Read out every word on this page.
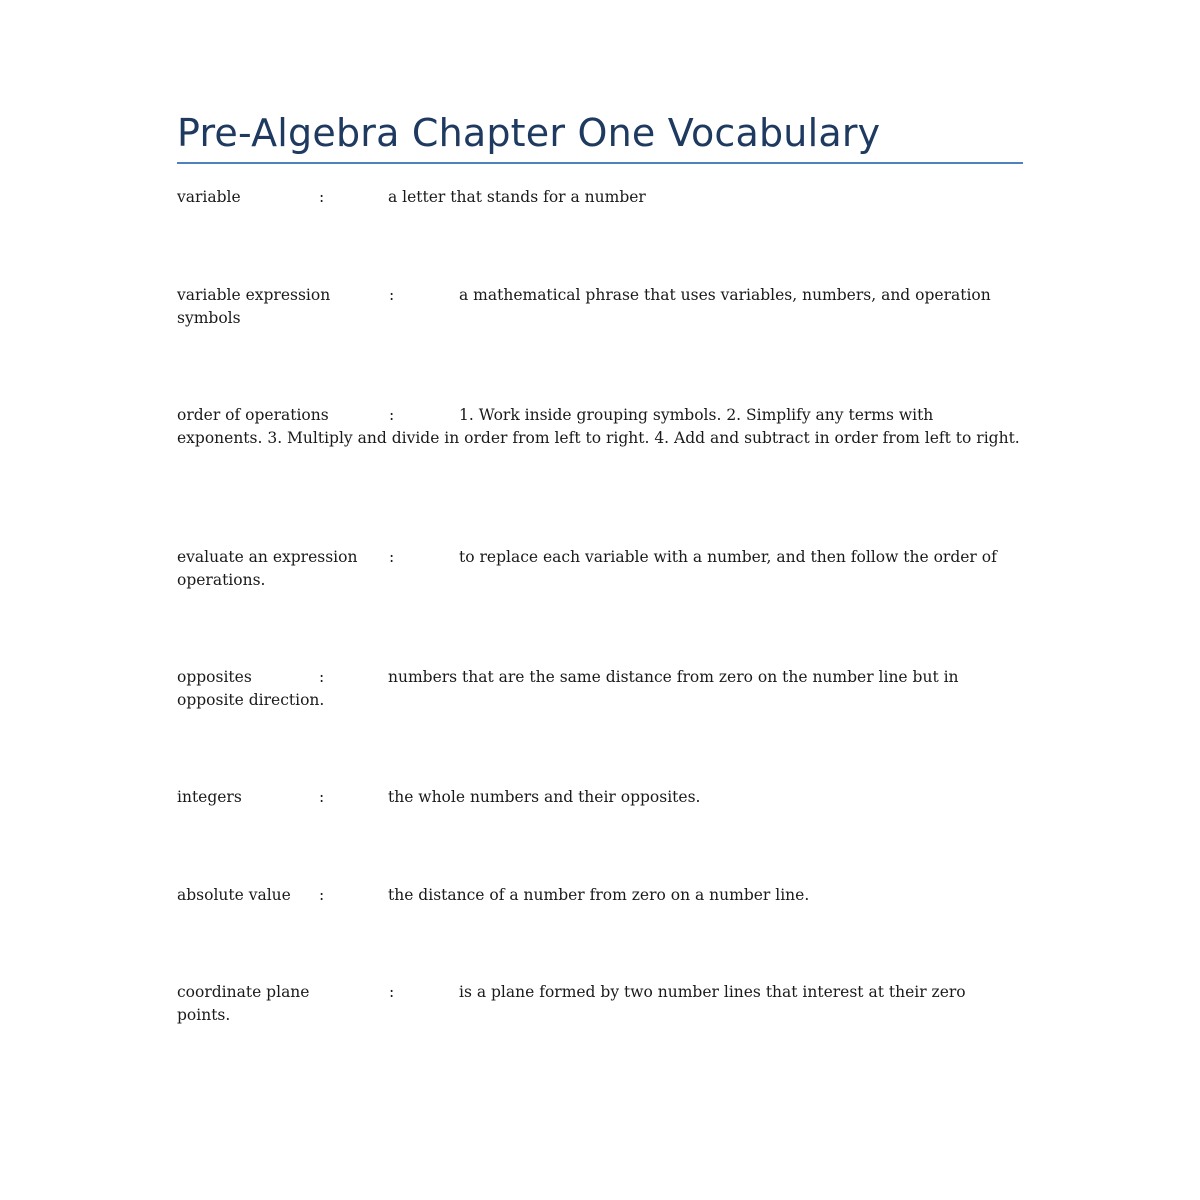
Pre-Algebra Chapter One Vocabulary

variable	:	a letter that stands for a number

variable expression	:	a mathematical phrase that uses variables, numbers, and operation symbols

order of operations	:	1. Work inside grouping symbols. 2. Simplify any terms with exponents. 3. Multiply and divide in order from left to right. 4. Add and subtract in order from left to right.

evaluate an expression :	to replace each variable with a number, and then follow the order of operations.

opposites	:	numbers that are the same distance from zero on the number line but in opposite direction.

integers	:	the whole numbers and their opposites.

absolute value :	the distance of a number from zero on a number line.

coordinate plane	:	is a plane formed by two number lines that interest at their zero points.
